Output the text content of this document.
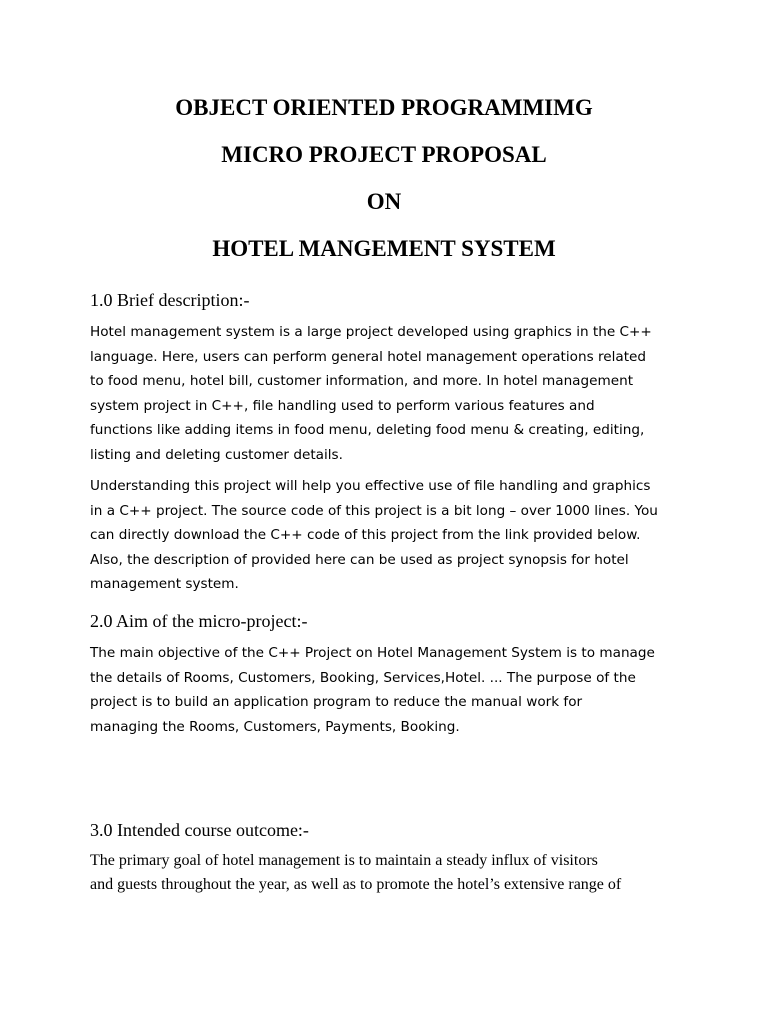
OBJECT ORIENTED PROGRAMMIMG
MICRO PROJECT PROPOSAL
ON
HOTEL MANGEMENT SYSTEM
1.0 Brief description:-
Hotel management system is a large project developed using graphics in the C++
language. Here, users can perform general hotel management operations related
to food menu, hotel bill, customer information, and more. In hotel management
system project in C++, file handling used to perform various features and
functions like adding items in food menu, deleting food menu & creating, editing,
listing and deleting customer details.
Understanding this project will help you effective use of file handling and graphics
in a C++ project. The source code of this project is a bit long – over 1000 lines. You
can directly download the C++ code of this project from the link provided below.
Also, the description of provided here can be used as project synopsis for hotel
management system.
2.0 Aim of the micro-project:-
The main objective of the C++ Project on Hotel Management System is to manage
the details of Rooms, Customers, Booking, Services,Hotel. ... The purpose of the
project is to build an application program to reduce the manual work for
managing the Rooms, Customers, Payments, Booking.
3.0 Intended course outcome:-
The primary goal of hotel management is to maintain a steady influx of visitors
and guests throughout the year, as well as to promote the hotel’s extensive range of
